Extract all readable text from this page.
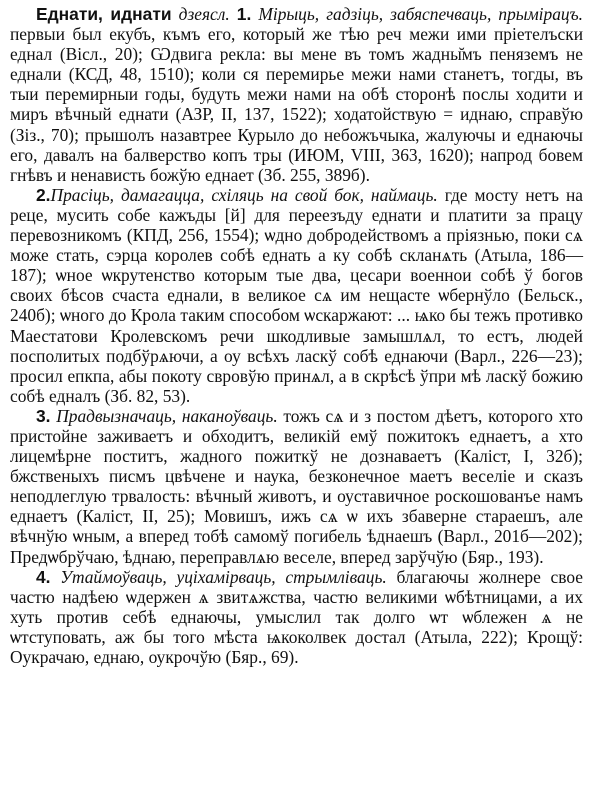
Еднати, иднати дзеясл. 1. Мірыць, гадзіць, забяспечваць, прымірацъ. первыи был екубъ, къмъ его, который же тѣю реч межи ими прiетелъски еднал (Bicл., 20); Ѡдвига рекла: вы мене въ томъ жадны̆мъ пеняземъ не еднали (КСД, 48, 1510); коли ся перемирье межи нами станетъ, тогды, въ тыи перемирныи годы, будуть межи нами на обѣ сторонѣ послы ходити и миръ вѣчный еднати (АЗР, II, 137, 1522); ходатойствую = иднаю, справўю (Зіз., 70); прышолъ назавтрее Курыло до небожъчыка, жалуючы и еднаючы его, давалъ на балверство копъ тры (ИЮМ, VIII, 363, 1620); напрод бовем гнѣвъ и ненависть божўю еднает (Зб. 255, 389б).

2.Прасіць, дамагацца, схіляць на свой бок, наймаць. где мосту нетъ на реце, мусить собе кажъды [й] для переезъду еднати и платити за працу перевозникомъ (КПД, 256, 1554); ѡдно добродействомъ а прiязнью, поки сѧ може стать, сэрца королев собѣ еднать а ку собѣ скланѧть (Атыла, 186—187); ѡное ѡкрутенство которым тые два, цесари военнои собѣ ў богов своих бѣсов счаста еднали, в великое сѧ им нещасте ѡбернўло (Бельск., 240б); ѡного до Крола таким способом ѡскаржают: ... ѩко бы тежъ противко Маестатови Кролевскомъ речи шкодливые замышлѧл, то естъ, людей посполитых подбўрѧючи, а оу всѣхъ ласкў собѣ еднаючи (Варл., 226—23); просил епкпа, абы покоту свровўю принѧл, а в скрѣсѣ ўпри мѣ ласкў божию собѣ едналъ (Зб. 82, 53).

3. Прадвызначаць, наканоўваць. тожъ сѧ и з постом дѣетъ, которого хто пристойне заживаетъ и обходитъ, великій емў пожитокъ еднаетъ, а хто лицемѣрне поститъ, жадного пожиткў не дознаваетъ (Каліст, I, 32б); бжственыхъ писмъ цвѣчене и наука, безконечное маетъ веселіе и сказъ неподлеглую трвалость: вѣчный животъ, и оуставичное роскошованъе намъ еднаетъ (Каліст, II, 25); Мовишъ, ижъ сѧ ѡ ихъ збаверне стараешъ, але вѣчнўю ѡным, а вперед тобѣ самомў погибель ѣднаешъ (Варл., 201б—202); Предѡбрўчаю, ѣднаю, переправлѧю веселе, вперед зарўчўю (Бяр., 193).

4. Утаймоўваць, уціхамірваць, стрымліваць. благаючы жолнере свое частю надѣею ѡдержен ѧ звитѧжства, частю великими ѡбѣтницами, а их хуть против себѣ еднаючы, умыслил так долго ѡт ѡблежен ѧ не ѡтступовать, аж бы того мѣста ѩкоколвек достал (Атыла, 222); Крощў: Оукрачаю, еднаю, оукрочўю (Бяр., 69).
